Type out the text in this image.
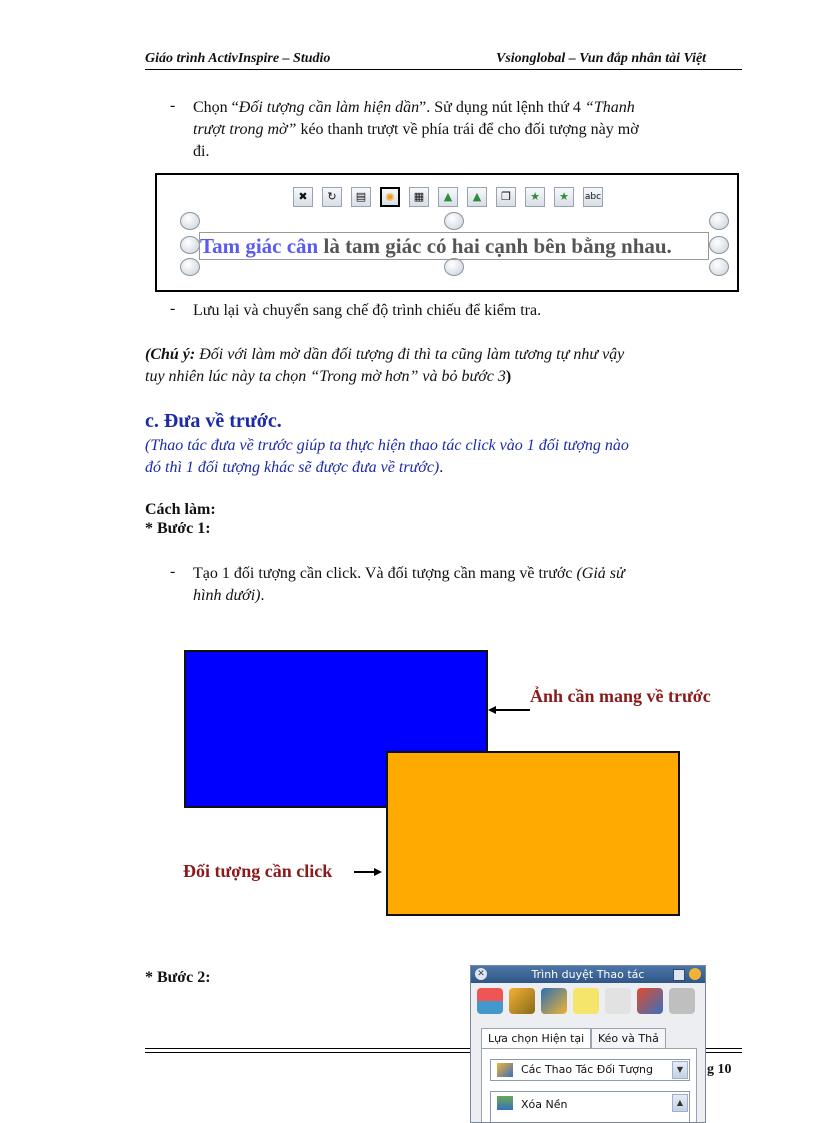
Giáo trình ActivInspire – Studio	Vsionglobal – Vun đắp nhân tài Việt
- Chọn “Đối tượng cần làm hiện dần”. Sử dụng nút lệnh thứ 4 “Thanh
trượt trong mờ” kéo thanh trượt về phía trái để cho đối tượng này mờ
đi.
✖	↻	▤	✺	▦	▲	▲	❐	★	★	abc
Tam giác cân là tam giác có hai cạnh bên bằng nhau.
- Lưu lại và chuyển sang chế độ trình chiếu để kiểm tra.
(Chú ý: Đối với làm mờ dần đối tượng đi thì ta cũng làm tương tự như vậy
tuy nhiên lúc này ta chọn “Trong mờ hơn” và bỏ bước 3)
c. Đưa về trước.
(Thao tác đưa về trước giúp ta thực hiện thao tác click vào 1 đối tượng nào
đó thì 1 đối tượng khác sẽ được đưa về trước).
Cách làm:
* Bước 1:
- Tạo 1 đối tượng cần click. Và đối tượng cần mang về trước (Giả sử
hình dưới).
Ảnh cần mang về trước
Đối tượng cần click
* Bước 2:
g 10
Trình duyệt Thao tác
✕
Lựa chọn Hiện tại	Kéo và Thả
Các Thao Tác Đối Tượng	▼
Xóa Nền	▲
